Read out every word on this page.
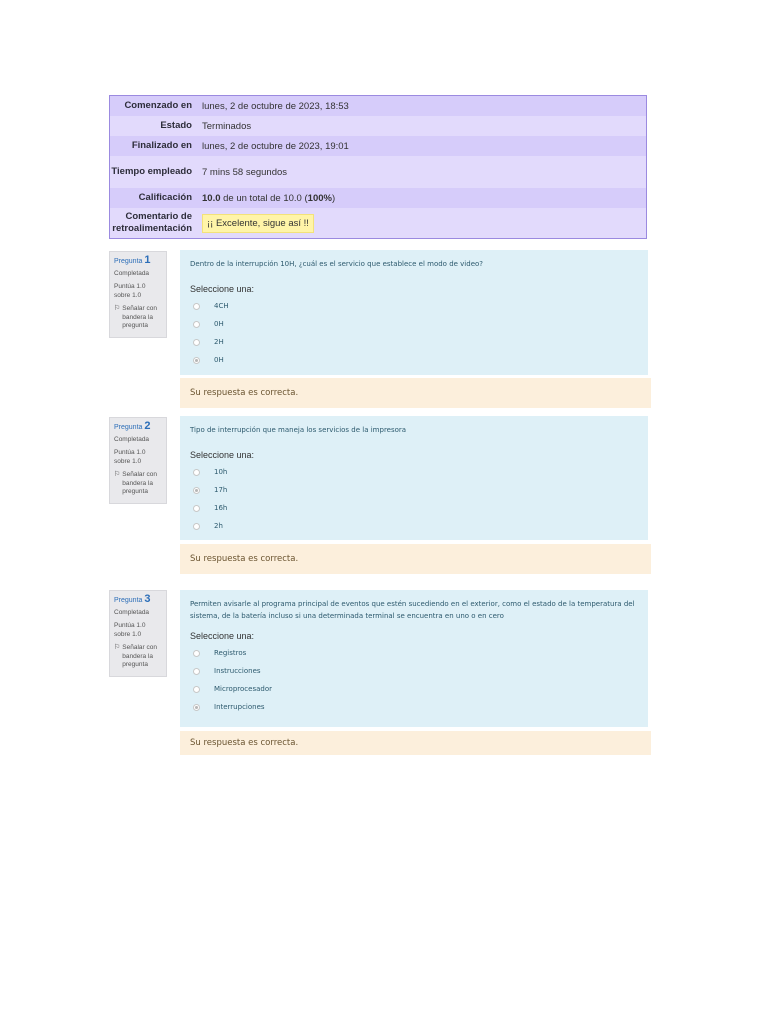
Comenzado en	lunes, 2 de octubre de 2023, 18:53
Estado	Terminados
Finalizado en	lunes, 2 de octubre de 2023, 19:01
Tiempo empleado	7 mins 58 segundos
Calificación	10.0 de un total de 10.0 (100%)
Comentario de retroalimentación	¡¡ Excelente, sigue así !!
Pregunta 1
Completada
Puntúa 1.0 sobre 1.0
⚐ Señalar con bandera la pregunta
Dentro de la interrupción 10H, ¿cuál es el servicio que establece el modo de video?
Seleccione una:
4CH
0H
2H
0H
Su respuesta es correcta.
Pregunta 2
Completada
Puntúa 1.0 sobre 1.0
⚐ Señalar con bandera la pregunta
Tipo de interrupción que maneja los servicios de la impresora
Seleccione una:
10h
17h
16h
2h
Su respuesta es correcta.
Pregunta 3
Completada
Puntúa 1.0 sobre 1.0
⚐ Señalar con bandera la pregunta
Permiten avisarle al programa principal de eventos que estén sucediendo en el exterior, como el estado de la temperatura del sistema, de la batería incluso si una determinada terminal se encuentra en uno o en cero
Seleccione una:
Registros
Instrucciones
Microprocesador
Interrupciones
Su respuesta es correcta.
